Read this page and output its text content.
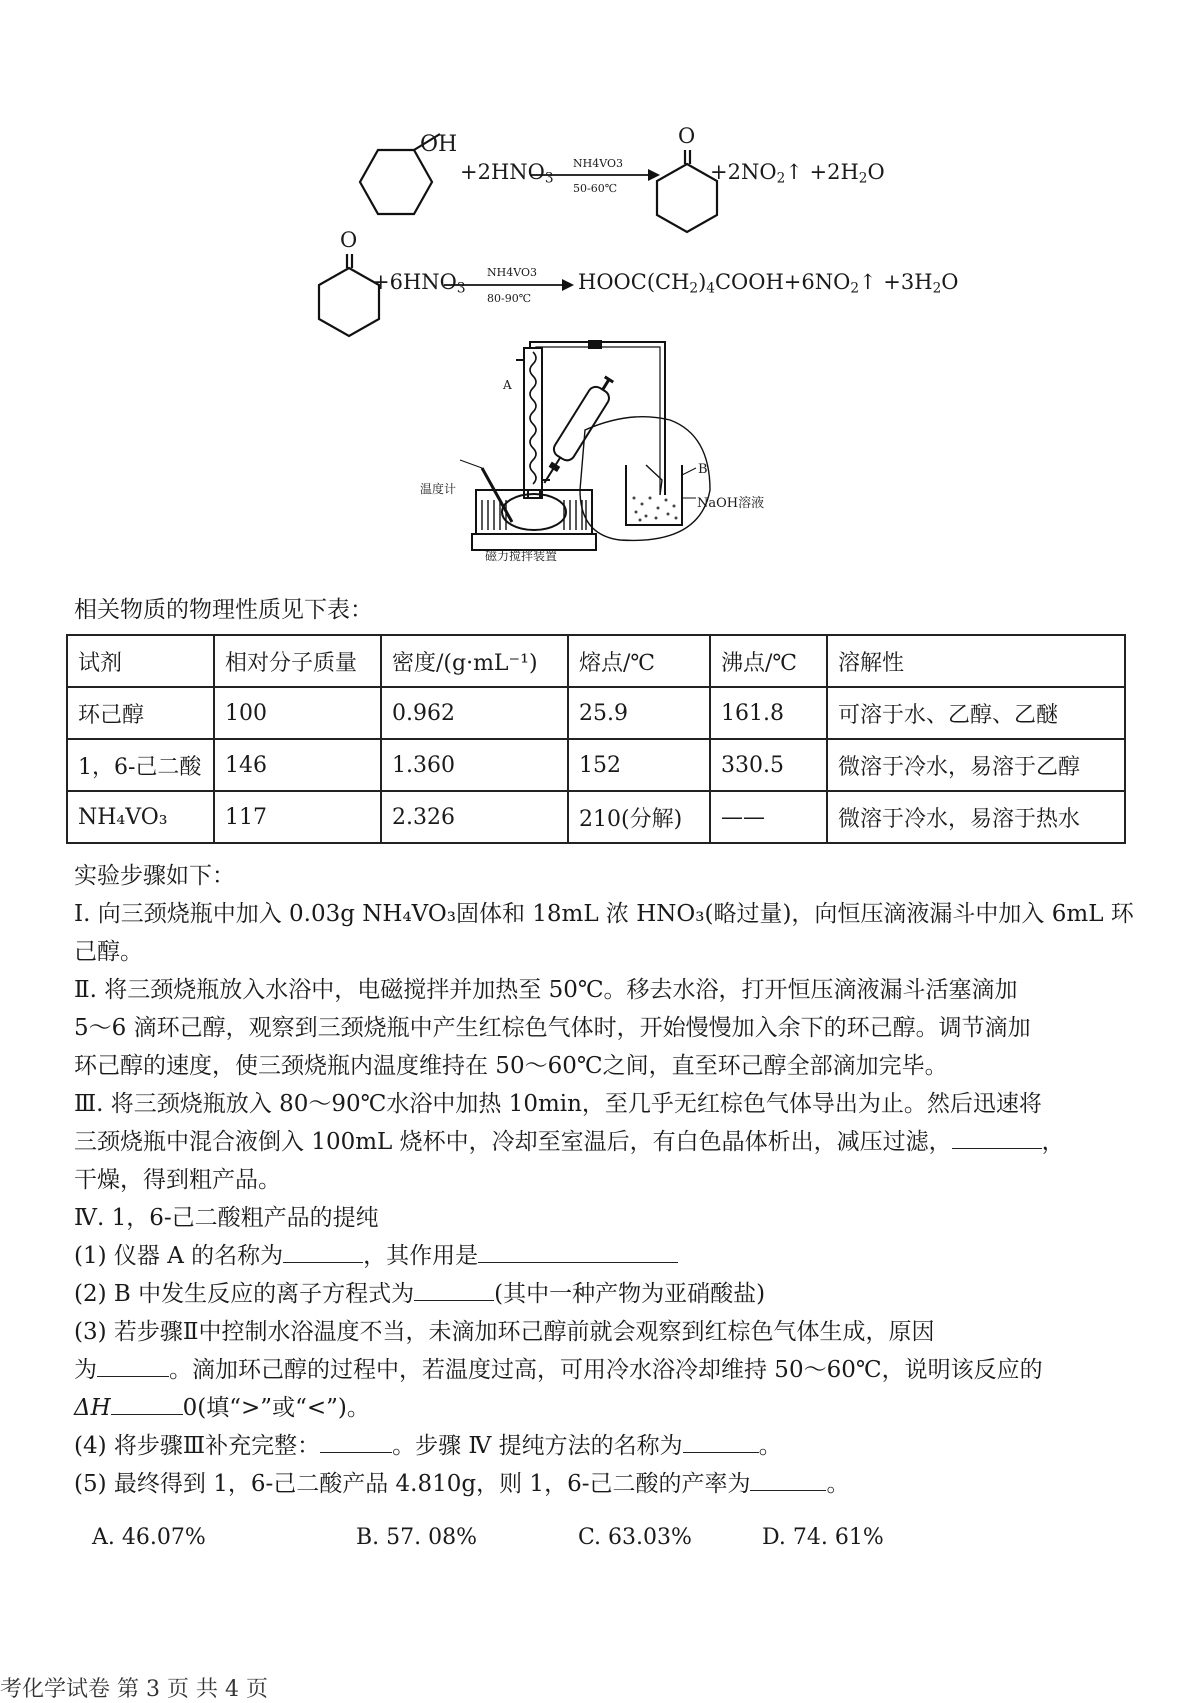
OH
$+2HNO_3$
NH4VO3
50-60℃
O
$+2NO_2↑ +2H_2O$
O
$+6HNO_3$
NH4VO3
80-90℃
$HOOC(CH_2)_4COOH+6NO_2↑ +3H_2O$
A
B
温度计
NaOH溶液
磁力搅拌装置
相关物质的物理性质见下表：
试剂	相对分子质量	密度/(g·mL⁻¹)	熔点/℃	沸点/℃	溶解性
环己醇	100	0.962	25.9	161.8	可溶于水、乙醇、乙醚
1，6-己二酸	146	1.360	152	330.5	微溶于冷水，易溶于乙醇
NH₄VO₃	117	2.326	210(分解)	——	微溶于冷水，易溶于热水
实验步骤如下：
Ⅰ. 向三颈烧瓶中加入 0.03g NH₄VO₃固体和 18mL 浓 HNO₃(略过量)，向恒压滴液漏斗中加入 6mL 环
己醇。
Ⅱ. 将三颈烧瓶放入水浴中，电磁搅拌并加热至 50℃。移去水浴，打开恒压滴液漏斗活塞滴加
5～6 滴环己醇，观察到三颈烧瓶中产生红棕色气体时，开始慢慢加入余下的环己醇。调节滴加
环己醇的速度，使三颈烧瓶内温度维持在 50～60℃之间，直至环己醇全部滴加完毕。
Ⅲ. 将三颈烧瓶放入 80～90℃水浴中加热 10min，至几乎无红棕色气体导出为止。然后迅速将
三颈烧瓶中混合液倒入 100mL 烧杯中，冷却至室温后，有白色晶体析出，减压过滤，	，
干燥，得到粗产品。
Ⅳ. 1，6-己二酸粗产品的提纯
(1) 仪器 A 的名称为	，其作用是
(2) B 中发生反应的离子方程式为	(其中一种产物为亚硝酸盐)
(3) 若步骤Ⅱ中控制水浴温度不当，未滴加环己醇前就会观察到红棕色气体生成，原因
为	。滴加环己醇的过程中，若温度过高，可用冷水浴冷却维持 50～60℃，说明该反应的
ΔH	0(填“>”或“<”)。
(4) 将步骤Ⅲ补充完整：	。步骤 Ⅳ 提纯方法的名称为	。
(5) 最终得到 1，6-己二酸产品 4.810g，则 1，6-己二酸的产率为	。
A. 46.07%	B. 57. 08%	C. 63.03%	D. 74. 61%
考化学试卷 第 3 页 共 4 页
